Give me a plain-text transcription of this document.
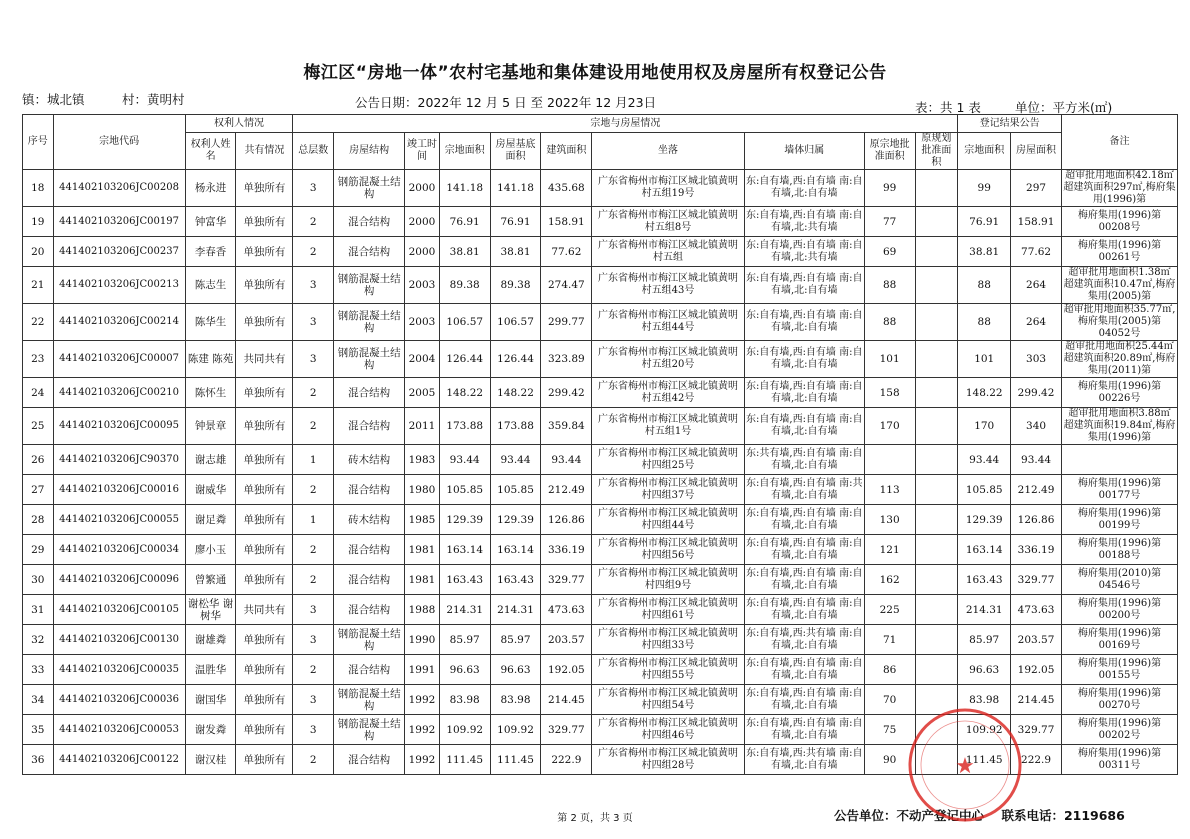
梅江区“房地一体”农村宅基地和集体建设用地使用权及房屋所有权登记公告
镇：城北镇	村：黄明村	公告日期：2022年 12 月 5 日 至 2022年 12 月23日	表：共 1 表	单位：平方米(㎡)
序号	宗地代码	权利人情况		宗地与房屋情况										登记结果公告		备注
		权利人姓名	共有情况	总层数	房屋结构	竣工时间	宗地面积	房屋基底面积	建筑面积	坐落	墙体归属	原宗地批准面积	原规划批准面积	宗地面积	房屋面积	
18	441402103206JC00208	杨永进	单独所有	3	钢筋混凝土结构	2000	141.18	141.18	435.68	广东省梅州市梅江区城北镇黄明村五组19号	东:自有墙,西:自有墙 南:自有墙,北:自有墙	99		99	297	超审批用地面积42.18㎡ 超建筑面积297㎡,梅府集用(1996)第
19	441402103206JC00197	钟富华	单独所有	2	混合结构	2000	76.91	76.91	158.91	广东省梅州市梅江区城北镇黄明村五组8号	东:自有墙,西:自有墙 南:自有墙,北:共有墙	77		76.91	158.91	梅府集用(1996)第00208号
20	441402103206JC00237	李春香	单独所有	2	混合结构	2000	38.81	38.81	77.62	广东省梅州市梅江区城北镇黄明村五组	东:自有墙,西:自有墙 南:自有墙,北:共有墙	69		38.81	77.62	梅府集用(1996)第00261号
21	441402103206JC00213	陈志生	单独所有	3	钢筋混凝土结构	2003	89.38	89.38	274.47	广东省梅州市梅江区城北镇黄明村五组43号	东:自有墙,西:自有墙 南:自有墙,北:自有墙	88		88	264	超审批用地面积1.38㎡ 超建筑面积10.47㎡,梅府集用(2005)第
22	441402103206JC00214	陈华生	单独所有	3	钢筋混凝土结构	2003	106.57	106.57	299.77	广东省梅州市梅江区城北镇黄明村五组44号	东:自有墙,西:自有墙 南:自有墙,北:自有墙	88		88	264	超审批用地面积35.77㎡,梅府集用(2005)第04052号
23	441402103206JC00007	陈建 陈苑	共同共有	3	钢筋混凝土结构	2004	126.44	126.44	323.89	广东省梅州市梅江区城北镇黄明村五组20号	东:自有墙,西:自有墙 南:自有墙,北:自有墙	101		101	303	超审批用地面积25.44㎡ 超建筑面积20.89㎡,梅府集用(2011)第
24	441402103206JC00210	陈怀生	单独所有	2	混合结构	2005	148.22	148.22	299.42	广东省梅州市梅江区城北镇黄明村五组42号	东:自有墙,西:自有墙 南:自有墙,北:自有墙	158		148.22	299.42	梅府集用(1996)第00226号
25	441402103206JC00095	钟景章	单独所有	2	混合结构	2011	173.88	173.88	359.84	广东省梅州市梅江区城北镇黄明村五组1号	东:自有墙,西:自有墙 南:自有墙,北:自有墙	170		170	340	超审批用地面积3.88㎡ 超建筑面积19.84㎡,梅府集用(1996)第
26	441402103206JC90370	谢志雄	单独所有	1	砖木结构	1983	93.44	93.44	93.44	广东省梅州市梅江区城北镇黄明村四组25号	东:共有墙,西:自有墙 南:自有墙,北:自有墙			93.44	93.44	
27	441402103206JC00016	谢威华	单独所有	2	混合结构	1980	105.85	105.85	212.49	广东省梅州市梅江区城北镇黄明村四组37号	东:自有墙,西:自有墙 南:共有墙,北:自有墙	113		105.85	212.49	梅府集用(1996)第00177号
28	441402103206JC00055	谢足粦	单独所有	1	砖木结构	1985	129.39	129.39	126.86	广东省梅州市梅江区城北镇黄明村四组44号	东:自有墙,西:自有墙 南:自有墙,北:自有墙	130		129.39	126.86	梅府集用(1996)第00199号
29	441402103206JC00034	廖小玉	单独所有	2	混合结构	1981	163.14	163.14	336.19	广东省梅州市梅江区城北镇黄明村四组56号	东:自有墙,西:自有墙 南:自有墙,北:自有墙	121		163.14	336.19	梅府集用(1996)第00188号
30	441402103206JC00096	曾繁通	单独所有	2	混合结构	1981	163.43	163.43	329.77	广东省梅州市梅江区城北镇黄明村四组9号	东:自有墙,西:自有墙 南:自有墙,北:自有墙	162		163.43	329.77	梅府集用(2010)第04546号
31	441402103206JC00105	谢松华 谢树华	共同共有	3	混合结构	1988	214.31	214.31	473.63	广东省梅州市梅江区城北镇黄明村四组61号	东:自有墙,西:自有墙 南:自有墙,北:自有墙	225		214.31	473.63	梅府集用(1996)第00200号
32	441402103206JC00130	谢雄粦	单独所有	3	钢筋混凝土结构	1990	85.97	85.97	203.57	广东省梅州市梅江区城北镇黄明村四组33号	东:自有墙,西:共有墙 南:自有墙,北:自有墙	71		85.97	203.57	梅府集用(1996)第00169号
33	441402103206JC00035	温胜华	单独所有	2	混合结构	1991	96.63	96.63	192.05	广东省梅州市梅江区城北镇黄明村四组55号	东:自有墙,西:自有墙 南:自有墙,北:自有墙	86		96.63	192.05	梅府集用(1996)第00155号
34	441402103206JC00036	谢国华	单独所有	3	钢筋混凝土结构	1992	83.98	83.98	214.45	广东省梅州市梅江区城北镇黄明村四组54号	东:自有墙,西:自有墙 南:自有墙,北:自有墙	70		83.98	214.45	梅府集用(1996)第00270号
35	441402103206JC00053	谢发粦	单独所有	3	钢筋混凝土结构	1992	109.92	109.92	329.77	广东省梅州市梅江区城北镇黄明村四组46号	东:自有墙,西:自有墙 南:自有墙,北:自有墙	75		109.92	329.77	梅府集用(1996)第00202号
36	441402103206JC00122	谢汉桂	单独所有	2	混合结构	1992	111.45	111.45	222.9	广东省梅州市梅江区城北镇黄明村四组28号	东:自有墙,西:共有墙 南:自有墙,北:自有墙	90		111.45	222.9	梅府集用(1996)第00311号
第 2 页，共 3 页	公告单位：不动产登记中心 联系电话：2119686
★
